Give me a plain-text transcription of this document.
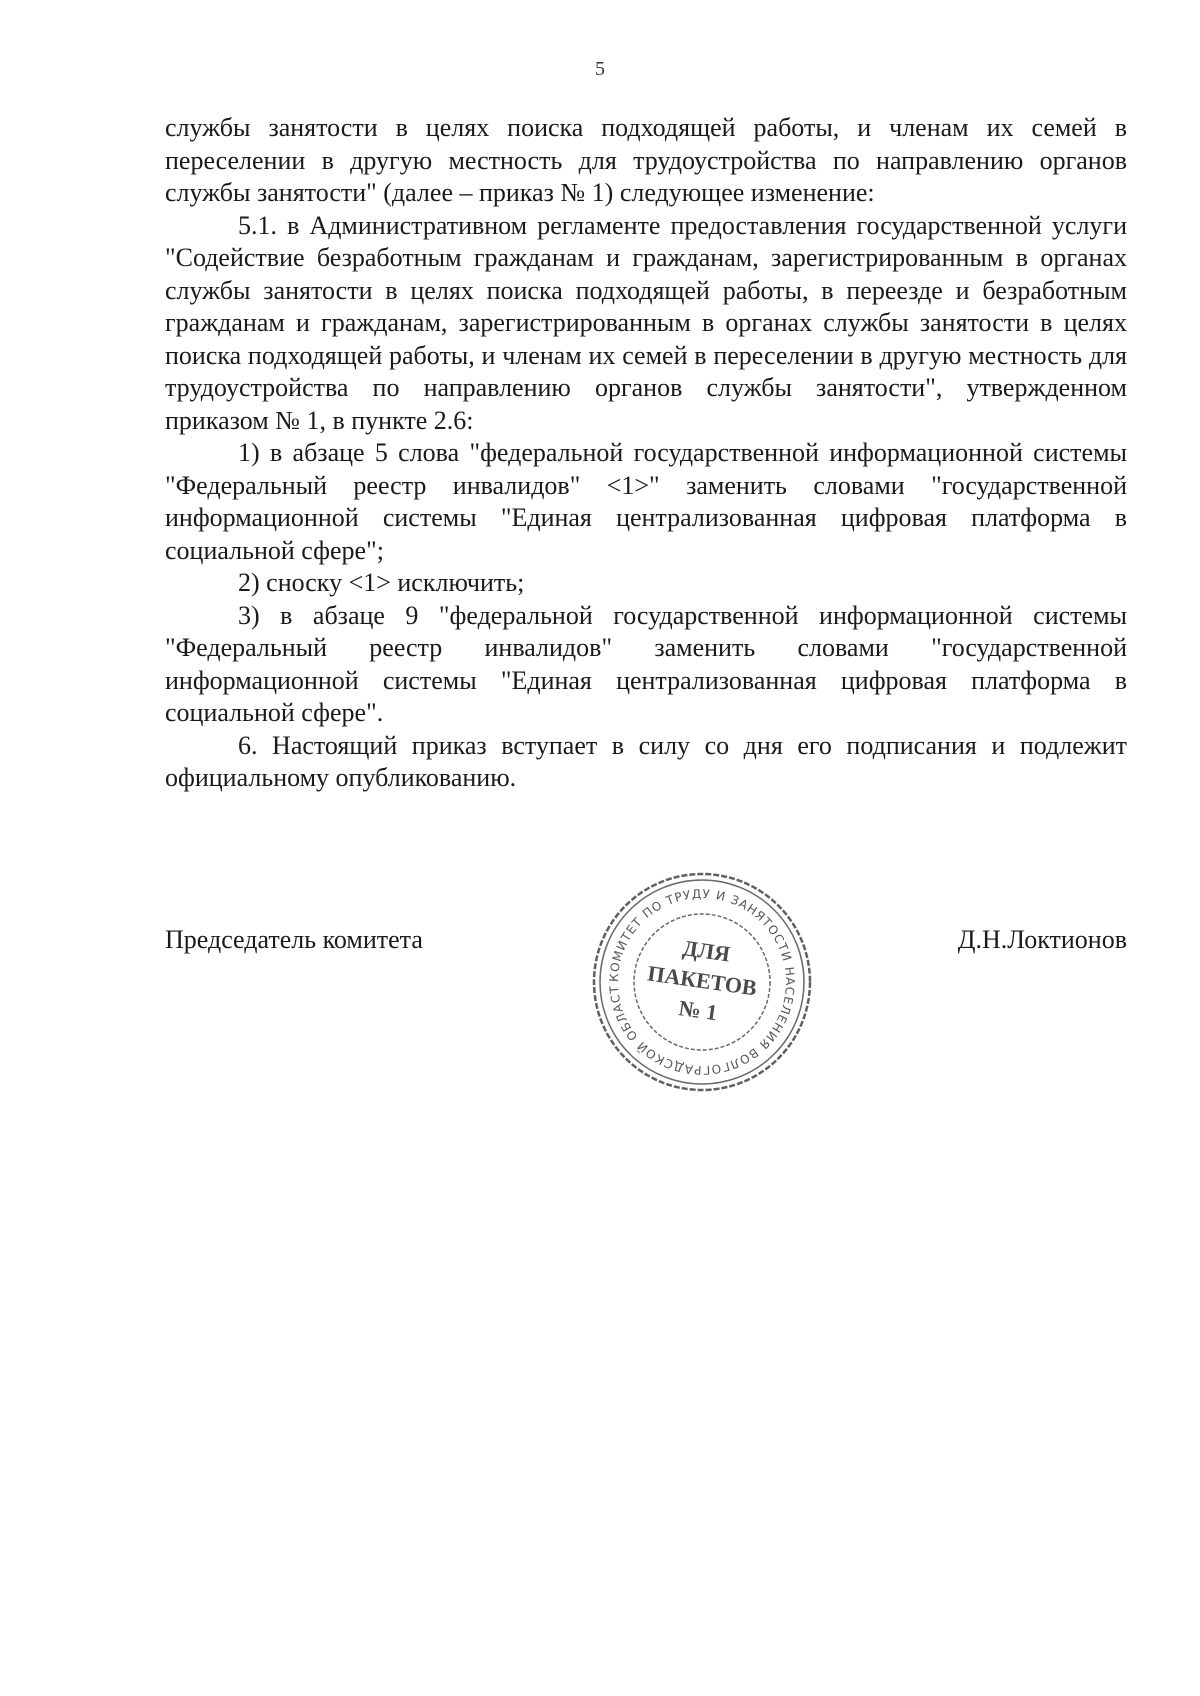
5

службы занятости в целях поиска подходящей работы, и членам их семей в переселении в другую местность для трудоустройства по направлению органов службы занятости" (далее – приказ № 1) следующее изменение:

5.1. в Административном регламенте предоставления государственной услуги "Содействие безработным гражданам и гражданам, зарегистрированным в органах службы занятости в целях поиска подходящей работы, в переезде и безработным гражданам и гражданам, зарегистрированным в органах службы занятости в целях поиска подходящей работы, и членам их семей в переселении в другую местность для трудоустройства по направлению органов службы занятости", утвержденном приказом № 1, в пункте 2.6:

1) в абзаце 5 слова "федеральной государственной информационной системы "Федеральный реестр инвалидов" <1>" заменить словами "государственной информационной системы "Единая централизованная цифровая платформа в социальной сфере";

2) сноску <1> исключить;

3) в абзаце 9 "федеральной государственной информационной системы "Федеральный реестр инвалидов" заменить словами "государственной информационной системы "Единая централизованная цифровая платформа в социальной сфере".

6. Настоящий приказ вступает в силу со дня его подписания и подлежит официальному опубликованию.

Председатель комитета	Д.Н.Локтионов
КОМИТЕТ ПО ТРУДУ И ЗАНЯТОСТИ НАСЕЛЕНИЯ ВОЛГОГРАДСКОЙ ОБЛАСТ
ДЛЯ
ПАКЕТОВ
№ 1
